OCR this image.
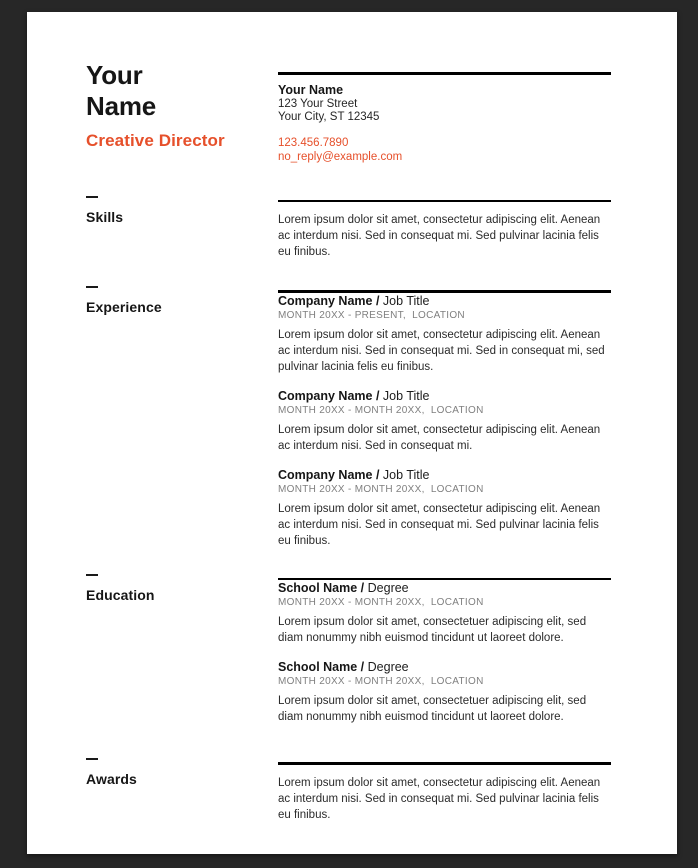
Your Name
Creative Director
Your Name
123 Your Street
Your City, ST 12345
123.456.7890
no_reply@example.com
Skills	Lorem ipsum dolor sit amet, consectetur adipiscing elit. Aenean ac interdum nisi. Sed in consequat mi. Sed pulvinar lacinia felis eu finibus.
Experience	Company Name / Job Title
MONTH 20XX - PRESENT,  LOCATION
Lorem ipsum dolor sit amet, consectetur adipiscing elit. Aenean ac interdum nisi. Sed in consequat mi. Sed in consequat mi, sed pulvinar lacinia felis eu finibus.
Company Name / Job Title
MONTH 20XX - MONTH 20XX,  LOCATION
Lorem ipsum dolor sit amet, consectetur adipiscing elit. Aenean ac interdum nisi. Sed in consequat mi.
Company Name / Job Title
MONTH 20XX - MONTH 20XX,  LOCATION
Lorem ipsum dolor sit amet, consectetur adipiscing elit. Aenean ac interdum nisi. Sed in consequat mi. Sed pulvinar lacinia felis eu finibus.
Education	School Name / Degree
MONTH 20XX - MONTH 20XX,  LOCATION
Lorem ipsum dolor sit amet, consectetuer adipiscing elit, sed diam nonummy nibh euismod tincidunt ut laoreet dolore.
School Name / Degree
MONTH 20XX - MONTH 20XX,  LOCATION
Lorem ipsum dolor sit amet, consectetuer adipiscing elit, sed diam nonummy nibh euismod tincidunt ut laoreet dolore.
Awards	Lorem ipsum dolor sit amet, consectetur adipiscing elit. Aenean ac interdum nisi. Sed in consequat mi. Sed pulvinar lacinia felis eu finibus.
